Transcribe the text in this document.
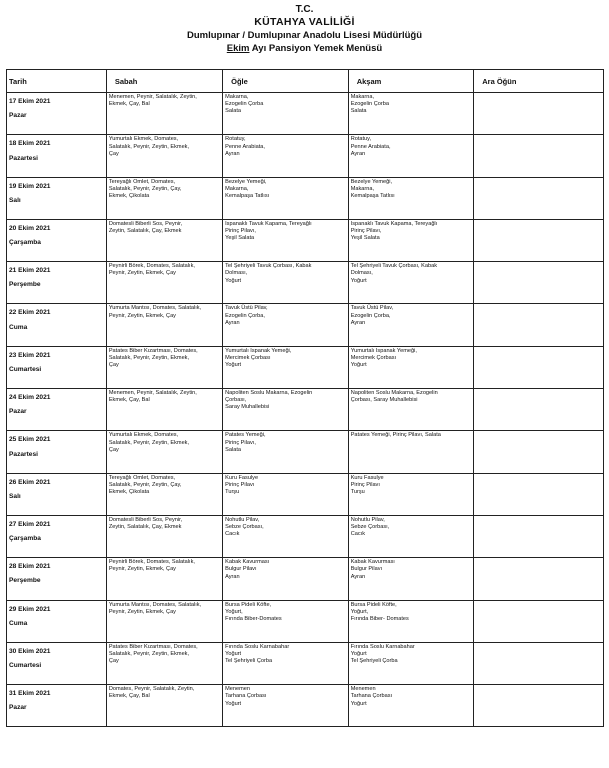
T.C.
KÜTAHYA VALİLİĞİ
Dumlupınar / Dumlupınar Anadolu Lisesi Müdürlüğü
Ekim Ayı Pansiyon Yemek Menüsü
Tarih	Sabah	Öğle	Akşam	Ara Öğün

17 Ekim 2021
Pazar	Menemen, Peynir, Salatalık, Zeytin,
Ekmek, Çay, Bal	Makarna,
Ezogelin Çorba
Salata	Makarna,
Ezogelin Çorba
Salata	

18 Ekim 2021
Pazartesi	Yumurtalı Ekmek, Domates,
Salatalık, Peynir, Zeytin, Ekmek,
Çay	Rotatuy,
Penne Arabiata,
Ayran	Rotatuy,
Penne Arabiata,
Ayran	

19 Ekim 2021
Salı	Tereyağlı Omlet, Domates,
Salatalık, Peynir, Zeytin, Çay,
Ekmek, Çikolata	Bezelye Yemeği,
Makarna,
Kemalpaşa Tatlısı	Bezelye Yemeği,
Makarna,
Kemalpaşa Tatlısı	

20 Ekim 2021
Çarşamba	Domatesli Biberli Sos, Peynir,
Zeytin, Salatalık, Çay, Ekmek	Ispanaklı Tavuk Kapama, Tereyağlı
Pirinç Pilavı,
Yeşil Salata	Ispanaklı Tavuk Kapama, Tereyağlı
Pirinç Pilavı,
Yeşil Salata	

21 Ekim 2021
Perşembe	Peynirli Börek, Domates, Salatalık,
Peynir, Zeytin, Ekmek, Çay	Tel Şehriyeli Tavuk Çorbası, Kabak
Dolması,
Yoğurt	Tel Şehriyeli Tavuk Çorbası, Kabak
Dolması,
Yoğurt	

22 Ekim 2021
Cuma	Yumurta Mantısı, Domates, Salatalık,
Peynir, Zeytin, Ekmek, Çay	Tavuk Üstü Pilav,
Ezogelin Çorba,
Ayran	Tavuk Üstü Pilav,
Ezogelin Çorba,
Ayran	

23 Ekim 2021
Cumartesi	Patates Biber Kızartması, Domates,
Salatalık, Peynir, Zeytin, Ekmek,
Çay	Yumurtalı Ispanak Yemeği,
Mercimek Çorbası
Yoğurt	Yumurtalı Ispanak Yemeği,
Mercimek Çorbası
Yoğurt	

24 Ekim 2021
Pazar	Menemen, Peynir, Salatalık, Zeytin,
Ekmek, Çay, Bal	Napoliten Soslu Makarna, Ezogelin
Çorbası,
Saray Muhallebisi	Napoliten Soslu Makarna, Ezogelin
Çorbası, Saray Muhallebisi	

25 Ekim 2021
Pazartesi	Yumurtalı Ekmek, Domates,
Salatalık, Peynir, Zeytin, Ekmek,
Çay	Patates Yemeği,
Pirinç Pilavı,
Salata	Patates Yemeği, Pirinç Pilavı, Salata	

26 Ekim 2021
Salı	Tereyağlı Omlet, Domates,
Salatalık, Peynir, Zeytin, Çay,
Ekmek, Çikolata	Kuru Fasulye
Pirinç Pilavı
Turşu	Kuru Fasulye
Pirinç Pilavı
Turşu	

27 Ekim 2021
Çarşamba	Domatesli Biberli Sos, Peynir,
Zeytin, Salatalık, Çay, Ekmek	Nohutlu Pilav,
Sebze Çorbası,
Cacık	Nohutlu Pilav,
Sebze Çorbası,
Cacık	

28 Ekim 2021
Perşembe	Peynirli Börek, Domates, Salatalık,
Peynir, Zeytin, Ekmek, Çay	Kabak Kavurması
Bulgur Pilavı
Ayran	Kabak Kavurması
Bulgur Pilavı
Ayran	

29 Ekim 2021
Cuma	Yumurta Mantısı, Domates, Salatalık,
Peynir, Zeytin, Ekmek, Çay	Bursa Pideli Köfte,
Yoğurt,
Fırında Biber-Domates	Bursa Pideli Köfte,
Yoğurt,
Fırında Biber- Domates	

30 Ekim 2021
Cumartesi	Patates Biber Kızartması, Domates,
Salatalık, Peynir, Zeytin, Ekmek,
Çay	Fırında Soslu Karnabahar
Yoğurt
Tel Şehriyeli Çorba	Fırında Soslu Karnabahar
Yoğurt
Tel Şehriyeli Çorba	

31 Ekim 2021
Pazar	Domates, Peynir, Salatalık, Zeytin,
Ekmek, Çay, Bal	Menemen
Tarhana Çorbası
Yoğurt	Menemen
Tarhana Çorbası
Yoğurt	
